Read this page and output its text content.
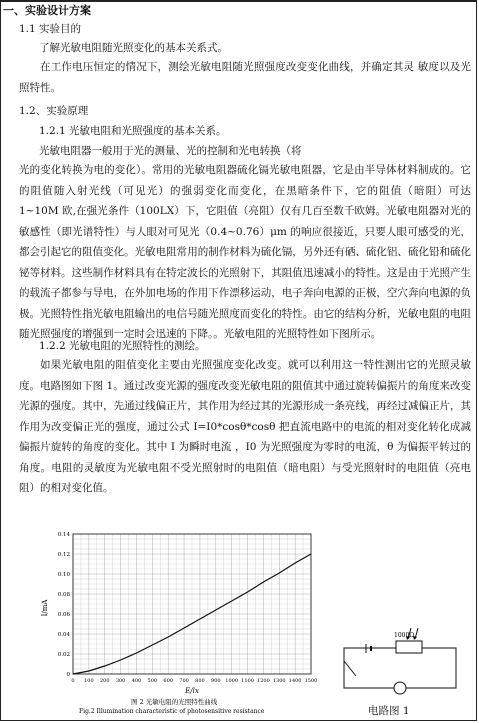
一、实验设计方案
1.1 实验目的
了解光敏电阻随光照变化的基本关系式。
在工作电压恒定的情况下，测绘光敏电阻随光照强度改变变化曲线，并确定其灵 敏度以及光照特性。
1.2、实验原理
1.2.1 光敏电阻和光照强度的基本关系。
光敏电阻器一般用于光的测量、光的控制和光电转换（将
光的变化转换为电的变化）。常用的光敏电阻器硫化镉光敏电阻器，它是由半导体材料制成的。它的阻值随入射光线（可见光）的强弱变化而变化，在黑暗条件下，它的阻值（暗阻）可达 1~10M 欧,在强光条件（100LX）下，它阻值（亮阻）仅有几百至数千欧姆。光敏电阻器对光的敏感性（即光谱特性）与人眼对可见光（0.4~0.76）μm 的响应很接近，只要人眼可感受的光，都会引起它的阻值变化。光敏电阻常用的制作材料为硫化镉，另外还有硒、硫化铝、硫化铅和硫化铋等材料。这些制作材料具有在特定波长的光照射下，其阻值迅速减小的特性。这是由于光照产生的载流子都参与导电，在外加电场的作用下作漂移运动，电子奔向电源的正极，空穴奔向电源的负极。光照特性指光敏电阻输出的电信号随光照度而变化的特性。由它的结构分析，光敏电阻的电阻随光照强度的增强到一定时会迅速的下降。。光敏电阻的光照特性如下图所示。
1.2.2 光敏电阻的光照特性的测绘。
如果光敏电阻的阻值变化主要由光照强度变化改变。就可以利用这一特性测出它的光照灵敏度。电路图如下图 1。通过改变光源的强度改变光敏电阻的阻值其中通过旋转偏振片的角度来改变光源的强度。其中，先通过线偏正片，其作用为经过其的光源形成一条亮线，再经过减偏正片，其作用为改变偏正光的强度，通过公式 I=I0*cosθ*cosθ 把直流电路中的电流的相对变化转化成减偏振片旋转的角度的变化。其中 I 为瞬时电流 ，I0 为光照强度为零时的电流，θ 为偏振平转过的角度。电阻的灵敏度为光敏电阻不受光照射时的电阻值（暗电阻）与受光照射时的电阻值（亮电阻）的相对变化值。
0.14
0.12
0.10
0.08
0.06
0.04
0.02
0
0 100 200 300 400 500 600 700 800 900 1000 1100 1200 1300 1400 1500
I/mA
E/lx
图 2 光敏电阻的光照特性曲线
Fig.2 Illumination characteristic of photosensitive resistance
1000Ω
电路图 1
